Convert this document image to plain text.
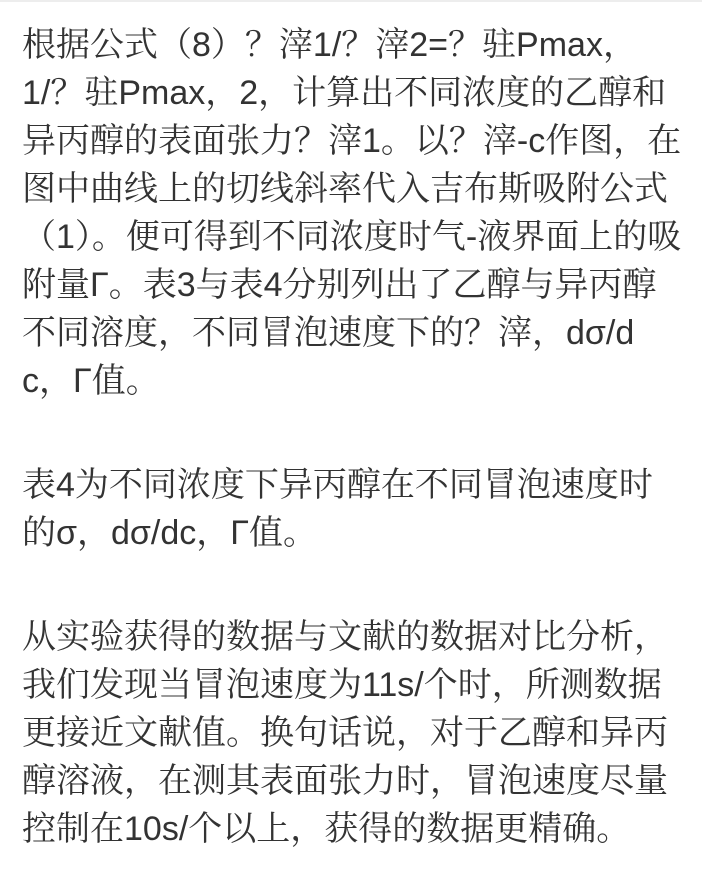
根据公式（8）？滓1/？滓2=？驻Pmax，1/？驻Pmax，2，计算出不同浓度的乙醇和异丙醇的表面张力？滓1。以？滓-c作图，在图中曲线上的切线斜率代入吉布斯吸附公式（1）。便可得到不同浓度时气-液界面上的吸附量Γ。表3与表4分别列出了乙醇与异丙醇不同溶度，不同冒泡速度下的？滓，dσ/dc，Γ值。

表4为不同浓度下异丙醇在不同冒泡速度时的σ，dσ/dc，Γ值。

从实验获得的数据与文献的数据对比分析，我们发现当冒泡速度为11s/个时，所测数据更接近文献值。换句话说，对于乙醇和异丙醇溶液，在测其表面张力时，冒泡速度尽量控制在10s/个以上，获得的数据更精确。
